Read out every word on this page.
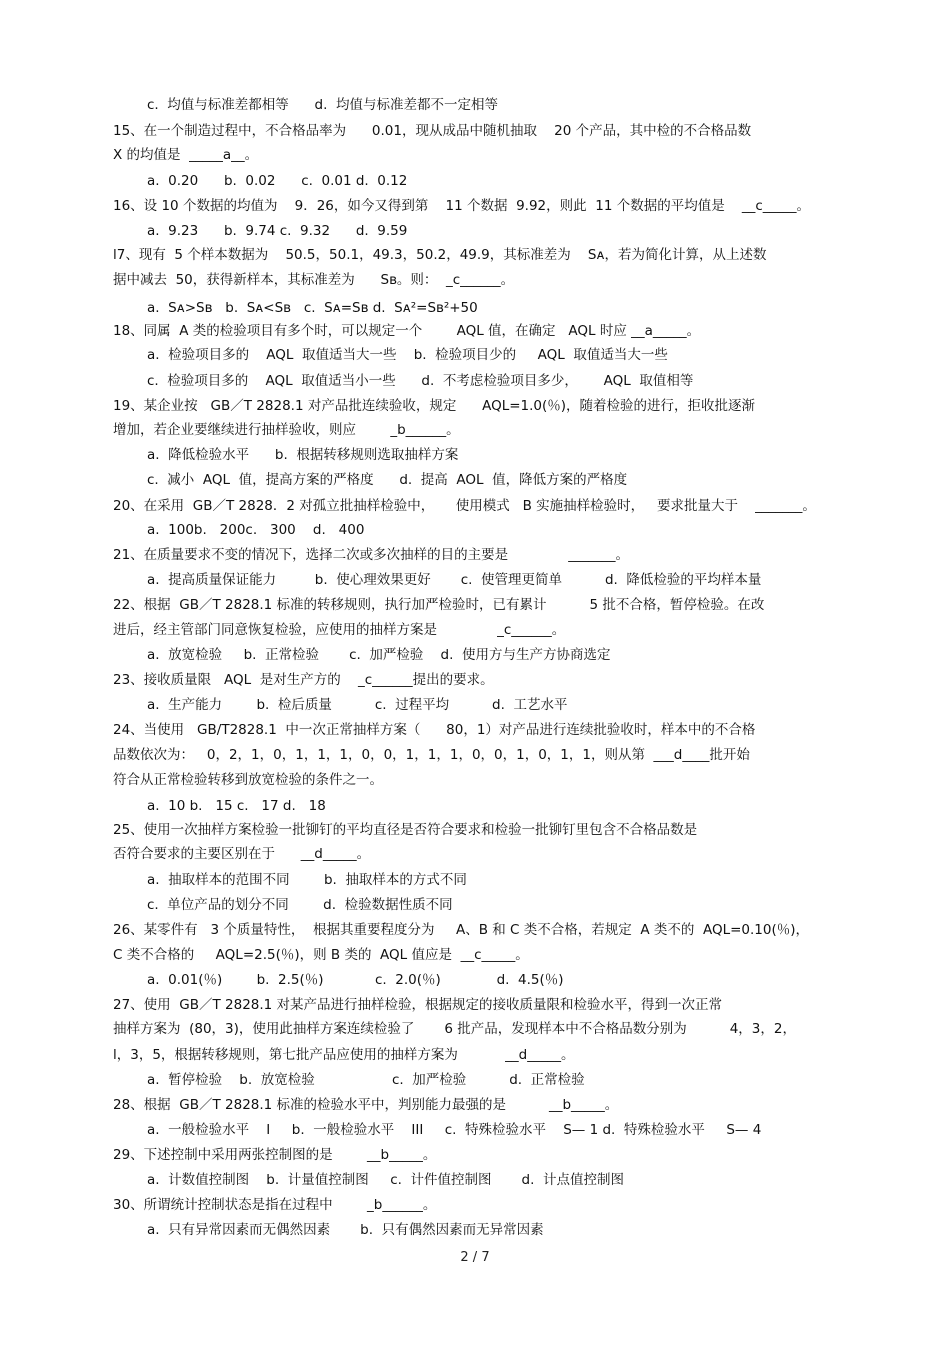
c.  均值与标准差都相等      d.  均值与标准差都不一定相等
15、在一个制造过程中，不合格品率为      0.01，现从成品中随机抽取    20 个产品，其中检的不合格品数
X 的均值是  _____a__。
a.  0.20      b.  0.02      c.  0.01 d.  0.12
16、设 10 个数据的均值为    9．26，如今又得到第    11 个数据  9.92，则此  11 个数据的平均值是    __c_____。
a.  9.23      b.  9.74 c.  9.32      d.  9.59
l7、现有  5 个样本数据为    50.5，50.1，49.3，50.2，49.9，其标准差为    Sᴀ，若为简化计算，从上述数
据中减去  50，获得新样本，其标准差为      Sʙ。则：  _c______。
a.  Sᴀ>Sʙ   b.  Sᴀ<Sʙ   c.  Sᴀ=Sʙ d.  Sᴀ²=Sʙ²+50
18、同属  A 类的检验项目有多个时，可以规定一个        AQL 值，在确定   AQL 时应 __a_____。
a.  检验项目多的    AQL  取值适当大一些    b.  检验项目少的     AQL  取值适当大一些
c.  检验项目多的    AQL  取值适当小一些      d.  不考虑检验项目多少，      AQL  取值相等
19、某企业按   GB／T 2828.1 对产品批连续验收，规定      AQL=1.0(％)，随着检验的进行，拒收批逐渐
增加，若企业要继续进行抽样验收，则应        _b______。
a.  降低检验水平      b.  根据转移规则选取抽样方案
c.  减小  AQL  值，提高方案的严格度      d.  提高  AOL  值，降低方案的严格度
20、在采用  GB／T 2828．2 对孤立批抽样检验中，     使用模式   B 实施抽样检验时，   要求批量大于    _______。
a.  100b.   200c.   300    d.   400
21、在质量要求不变的情况下，选择二次或多次抽样的目的主要是              _______。
a.  提高质量保证能力         b.  使心理效果更好       c.  使管理更简单          d.  降低检验的平均样本量
22、根据  GB／T 2828.1 标准的转移规则，执行加严检验时，已有累计          5 批不合格，暂停检验。在改
进后，经主管部门同意恢复检验，应使用的抽样方案是              _c______。
a.  放宽检验     b.  正常检验       c.  加严检验    d.  使用方与生产方协商选定
23、接收质量限   AQL  是对生产方的    _c______提出的要求。
a.  生产能力        b.  检后质量          c.  过程平均          d.  工艺水平
24、当使用   GB/T2828.1  中一次正常抽样方案（      80，1）对产品进行连续批验收时，样本中的不合格
品数依次为：   0，2，1，0，1，1，1，0，0，1，1，1，0，0，1，0，1，1，则从第  ___d____批开始
符合从正常检验转移到放宽检验的条件之一。
a.  10 b.   15 c.   17 d.   18
25、使用一次抽样方案检验一批铆钉的平均直径是否符合要求和检验一批铆钉里包含不合格品数是
否符合要求的主要区别在于      __d_____。
a.  抽取样本的范围不同        b.  抽取样本的方式不同
c.  单位产品的划分不同        d.  检验数据性质不同
26、某零件有   3 个质量特性，  根据其重要程度分为     A、B 和 C 类不合格，若规定  A 类不的  AQL=0.10(％)，
C 类不合格的     AQL=2.5(％)，则 B 类的  AQL 值应是  __c_____。
a.  0.01(％)        b.  2.5(％)            c.  2.0(％)             d.  4.5(％)
27、使用  GB／T 2828.1 对某产品进行抽样检验，根据规定的接收质量限和检验水平，得到一次正常
抽样方案为  (80，3)，使用此抽样方案连续检验了       6 批产品，发现样本中不合格品数分别为          4，3，2，
l，3，5，根据转移规则，第七批产品应使用的抽样方案为           __d_____。
a.  暂停检验    b.  放宽检验                  c.  加严检验          d.  正常检验
28、根据  GB／T 2828.1 标准的检验水平中，判别能力最强的是          __b_____。
a.  一般检验水平    I     b.  一般检验水平    III     c.  特殊检验水平    S— 1 d.  特殊检验水平     S— 4
29、下述控制中采用两张控制图的是        __b_____。
a.  计数值控制图    b.  计量值控制图     c.  计件值控制图       d.  计点值控制图
30、所谓统计控制状态是指在过程中        _b______。
a.  只有异常因素而无偶然因素       b.  只有偶然因素而无异常因素
2 / 7
